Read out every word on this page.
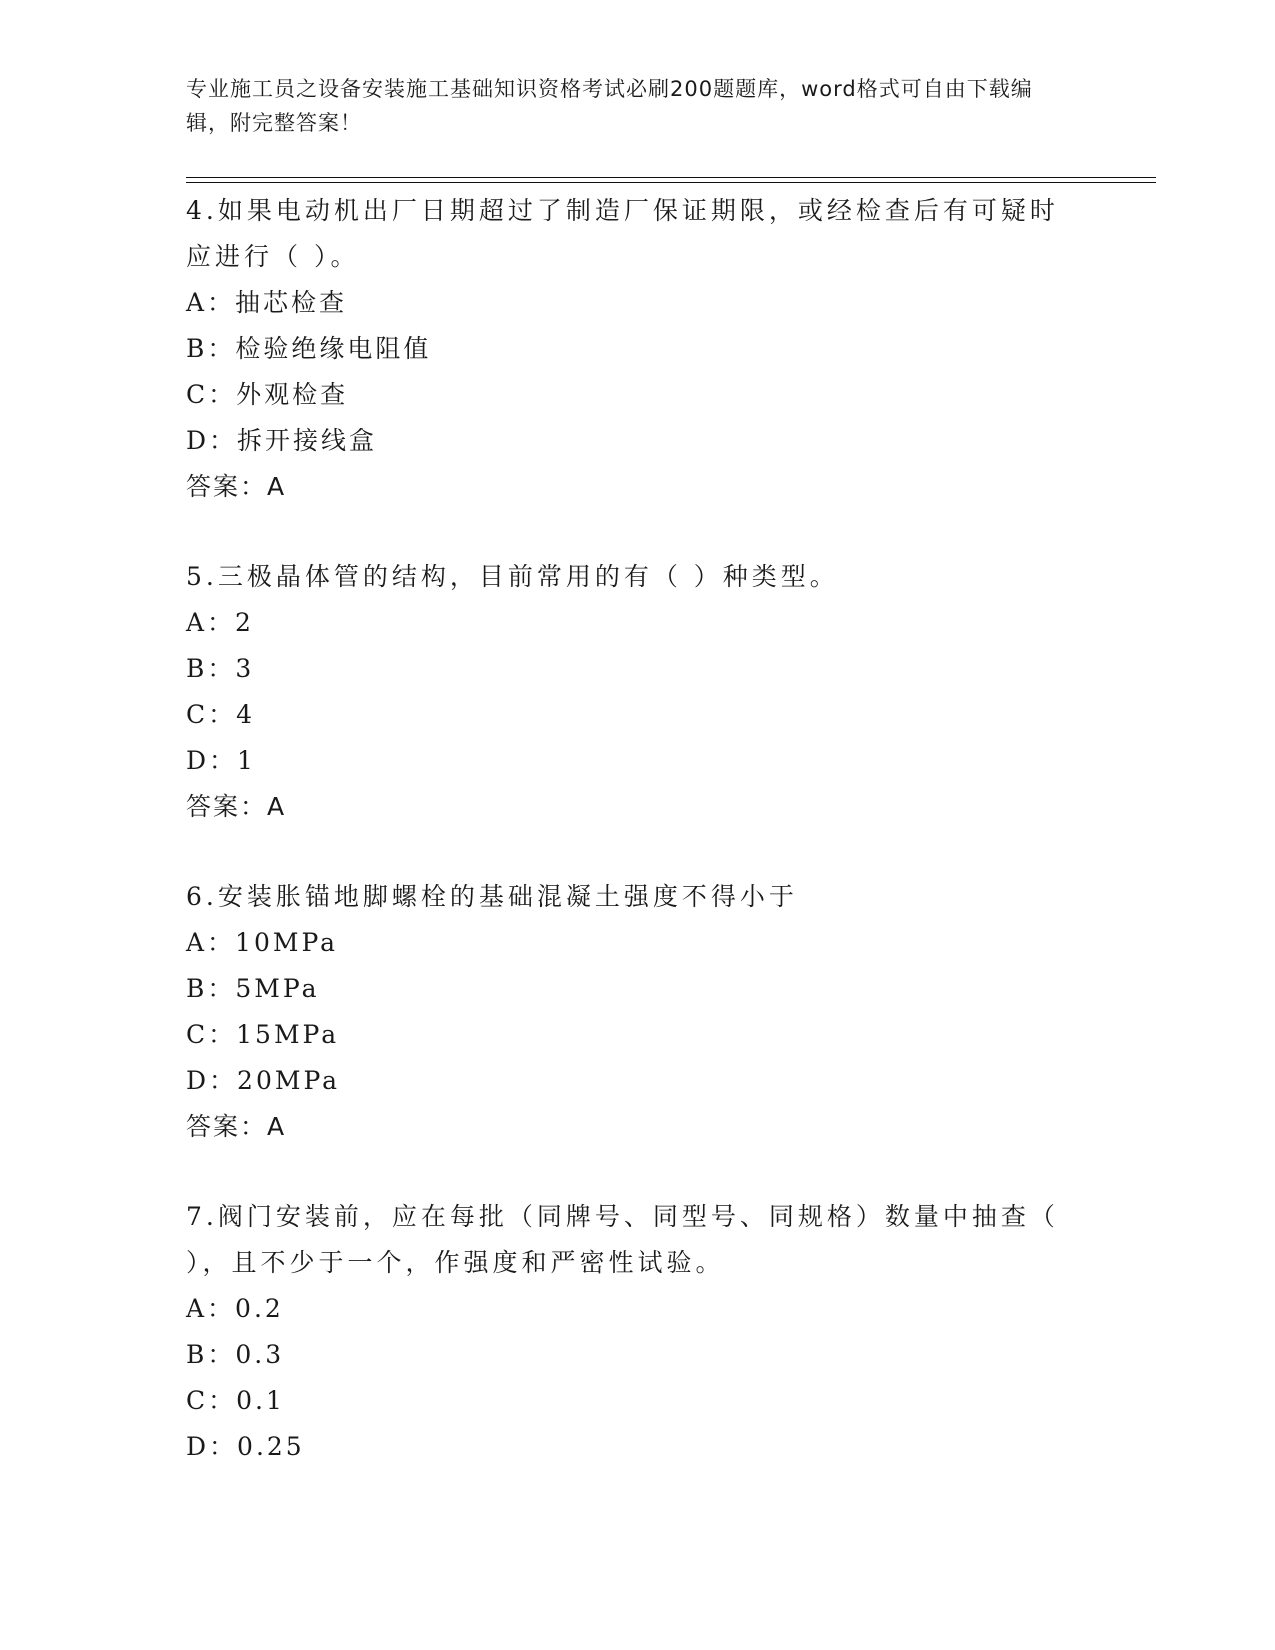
专业施工员之设备安装施工基础知识资格考试必刷200题题库，word格式可自由下载编辑，附完整答案！

4.如果电动机出厂日期超过了制造厂保证期限，或经检查后有可疑时应进行（ ）。

A：抽芯检查

B：检验绝缘电阻值

C：外观检查

D：拆开接线盒

答案：A

5.三极晶体管的结构，目前常用的有（ ）种类型。

A：2

B：3

C：4

D：1

答案：A

6.安装胀锚地脚螺栓的基础混凝土强度不得小于

A：10MPa

B：5MPa

C：15MPa

D：20MPa

答案：A

7.阀门安装前，应在每批（同牌号、同型号、同规格）数量中抽查（ ），且不少于一个，作强度和严密性试验。

A：0.2

B：0.3

C：0.1

D：0.25
